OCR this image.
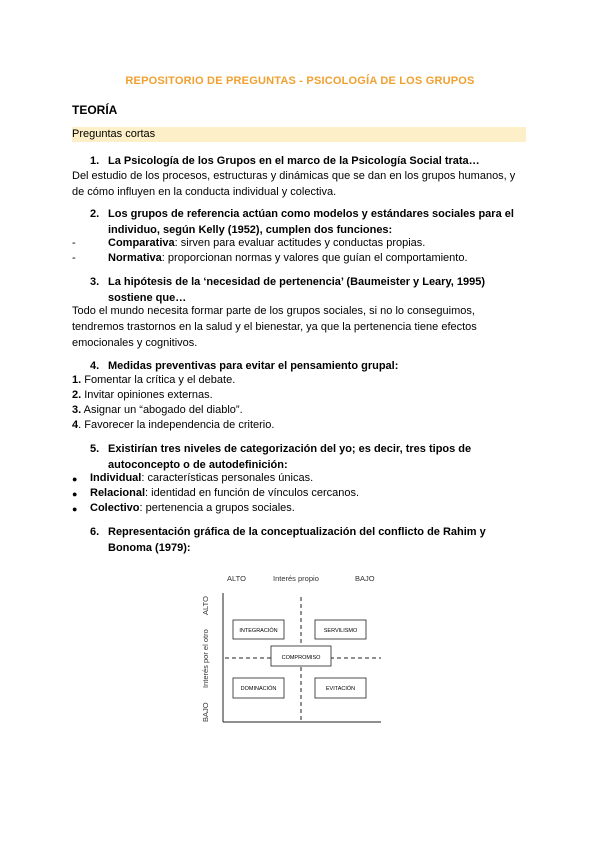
REPOSITORIO DE PREGUNTAS - PSICOLOGÍA DE LOS GRUPOS
TEORÍA
Preguntas cortas
1. La Psicología de los Grupos en el marco de la Psicología Social trata…
Del estudio de los procesos, estructuras y dinámicas que se dan en los grupos humanos, y de cómo influyen en la conducta individual y colectiva.
2. Los grupos de referencia actúan como modelos y estándares sociales para el individuo, según Kelly (1952), cumplen dos funciones:
-	Comparativa: sirven para evaluar actitudes y conductas propias.
-	Normativa: proporcionan normas y valores que guían el comportamiento.
3. La hipótesis de la ‘necesidad de pertenencia’ (Baumeister y Leary, 1995) sostiene que…
Todo el mundo necesita formar parte de los grupos sociales, si no lo conseguimos, tendremos trastornos en la salud y el bienestar, ya que la pertenencia tiene efectos emocionales y cognitivos.
4. Medidas preventivas para evitar el pensamiento grupal:
1. Fomentar la crítica y el debate.
2. Invitar opiniones externas.
3. Asignar un “abogado del diablo”.
4. Favorecer la independencia de criterio.
5. Existirían tres niveles de categorización del yo; es decir, tres tipos de autoconcepto o de autodefinición:
● Individual: características personales únicas.
● Relacional: identidad en función de vínculos cercanos.
● Colectivo: pertenencia a grupos sociales.
6. Representación gráfica de la conceptualización del conflicto de Rahim y Bonoma (1979):
ALTO	Interés propio	BAJO
ALTO
Interés por el otro
BAJO
INTEGRACIÓN	SERVILISMO
COMPROMISO
DOMINACIÓN	EVITACIÓN
